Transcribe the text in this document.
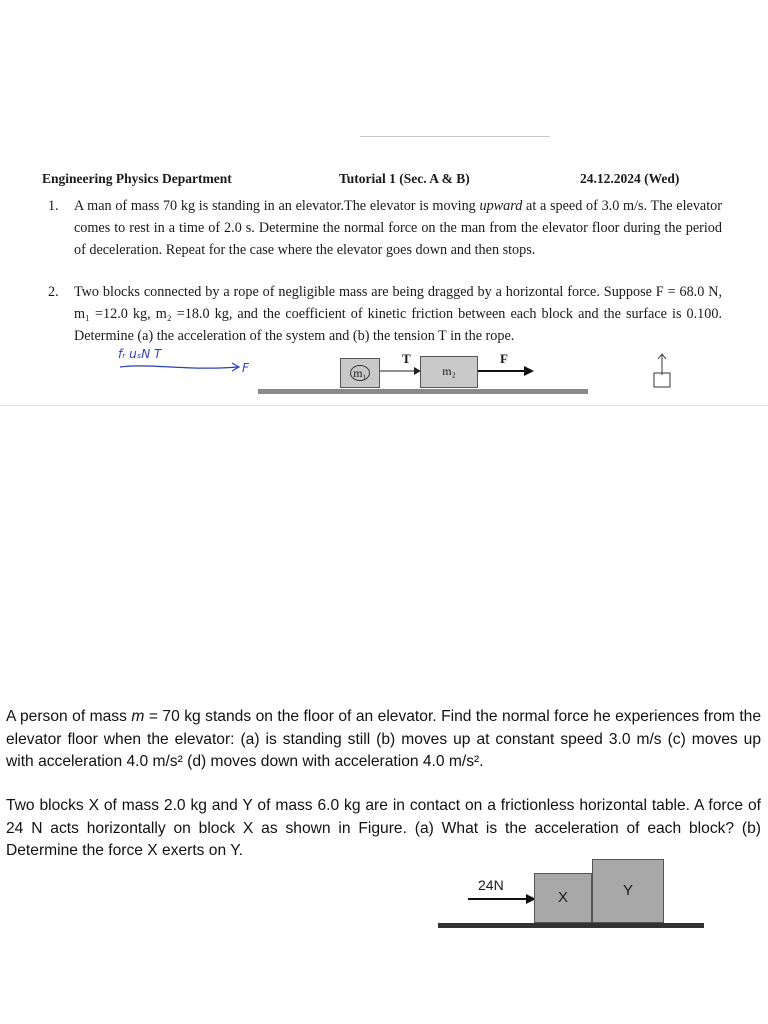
Engineering Physics Department	Tutorial 1 (Sec. A & B)	24.12.2024 (Wed)
1. A man of mass 70 kg is standing in an elevator.The elevator is moving upward at a speed of 3.0 m/s. The elevator comes to rest in a time of 2.0 s. Determine the normal force on the man from the elevator floor during the period of deceleration. Repeat for the case where the elevator goes down and then stops.

2. Two blocks connected by a rope of negligible mass are being dragged by a horizontal force. Suppose F = 68.0 N, m₁ =12.0 kg, m₂ =18.0 kg, and the coefficient of kinetic friction between each block and the surface is 0.100. Determine (a) the acceleration of the system and (b) the tension T in the rope.

fᵣ uₛN T
F	m₁	m₂
T	F

A person of mass m = 70 kg stands on the floor of an elevator. Find the normal force he experiences from the elevator floor when the elevator: (a) is standing still (b) moves up at constant speed 3.0 m/s (c) moves up with acceleration 4.0 m/s² (d) moves down with acceleration 4.0 m/s².

Two blocks X of mass 2.0 kg and Y of mass 6.0 kg are in contact on a frictionless horizontal table. A force of 24 N acts horizontally on block X as shown in Figure. (a) What is the acceleration of each block? (b) Determine the force X exerts on Y.

24N
X	Y
